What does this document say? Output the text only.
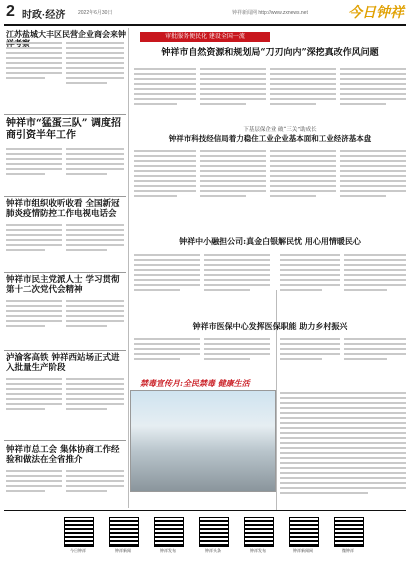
2 时政·经济	2022年6月30日	钟祥新闻网 http://www.zxnews.net	今日钟祥
江苏盐城大丰区民营企业商会来钟
钟祥市“猛蛋三队” 调度招商引资半年工作
钟祥市组织收听收看 全国新冠肺炎疫情防控工作电视电话会
钟祥市民主党派人士 学习贯彻第十二次党代会精神
泸渝客高铁 钟祥西站场正式进入批量生产阶段
钟祥市总工会 集体协商工作经验和做法在全省推介
审批服务便民化 建设全国一流
钟祥市自然资源和规划局“刀刃向内”深挖真改作风问题
下基层保企业 破“三关”助成长
钟祥市科技经信局着力稳住工业企业基本面和工业经济基本盘
钟祥中小融担公司:真金白银解民忧 用心用情暖民心
钟祥市医保中心发挥医保职能 助力乡村振兴
禁毒宣传月:全民禁毒 健康生活
今日钟祥	钟祥新闻	钟祥发布	钟祥头条	钟祥发布	钟祥新闻网	微钟祥
